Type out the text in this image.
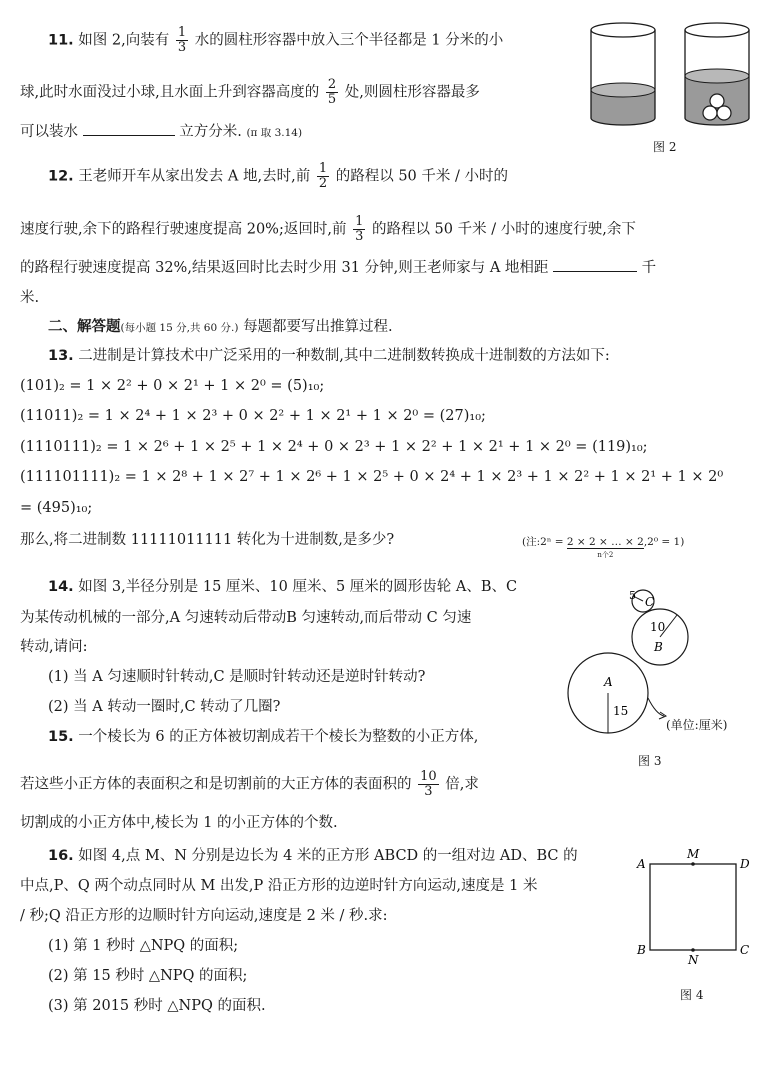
11. 如图 2,向装有 $\frac{1}{3}$ 水的圆柱形容器中放入三个半径都是 1 分米的小
球,此时水面没过小球,且水面上升到容器高度的 $\frac{2}{5}$ 处,则圆柱形容器最多
可以装水	立方分米. (π 取 3.14)
图 2
12. 王老师开车从家出发去 A 地,去时,前 $\frac{1}{2}$ 的路程以 50 千米 / 小时的
速度行驶,余下的路程行驶速度提高 20%;返回时,前 $\frac{1}{3}$ 的路程以 50 千米 / 小时的速度行驶,余下
的路程行驶速度提高 32%,结果返回时比去时少用 31 分钟,则王老师家与 A 地相距	千
米.
二、解答题(每小题 15 分,共 60 分.) 每题都要写出推算过程.
13. 二进制是计算技术中广泛采用的一种数制,其中二进制数转换成十进制数的方法如下:
(101)₂ = 1 × 2² + 0 × 2¹ + 1 × 2⁰ = (5)₁₀;
(11011)₂ = 1 × 2⁴ + 1 × 2³ + 0 × 2² + 1 × 2¹ + 1 × 2⁰ = (27)₁₀;
(1110111)₂ = 1 × 2⁶ + 1 × 2⁵ + 1 × 2⁴ + 0 × 2³ + 1 × 2² + 1 × 2¹ + 1 × 2⁰ = (119)₁₀;
(111101111)₂ = 1 × 2⁸ + 1 × 2⁷ + 1 × 2⁶ + 1 × 2⁵ + 0 × 2⁴ + 1 × 2³ + 1 × 2² + 1 × 2¹ + 1 × 2⁰
= (495)₁₀;
那么,将二进制数 11111011111 转化为十进制数,是多少?	(注:2ⁿ = 2 × 2 × … × 2
n个2
,2⁰ = 1)
14. 如图 3,半径分别是 15 厘米、10 厘米、5 厘米的圆形齿轮 A、B、C
为某传动机械的一部分,A 匀速转动后带动B 匀速转动,而后带动 C 匀速
转动,请问:
(1) 当 A 匀速顺时针转动,C 是顺时针转动还是逆时针转动?
(2) 当 A 转动一圈时,C 转动了几圈?
5 C
10
B
A
15
(单位:厘米)
图 3
15. 一个棱长为 6 的正方体被切割成若干个棱长为整数的小正方体,
若这些小正方体的表面积之和是切割前的大正方体的表面积的 $\frac{10}{3}$ 倍,求
切割成的小正方体中,棱长为 1 的小正方体的个数.
16. 如图 4,点 M、N 分别是边长为 4 米的正方形 ABCD 的一组对边 AD、BC 的
中点,P、Q 两个动点同时从 M 出发,P 沿正方形的边逆时针方向运动,速度是 1 米
/ 秒;Q 沿正方形的边顺时针方向运动,速度是 2 米 / 秒.求:
(1) 第 1 秒时 △NPQ 的面积;
(2) 第 15 秒时 △NPQ 的面积;
(3) 第 2015 秒时 △NPQ 的面积.
A
M
D
B
N
C
图 4
